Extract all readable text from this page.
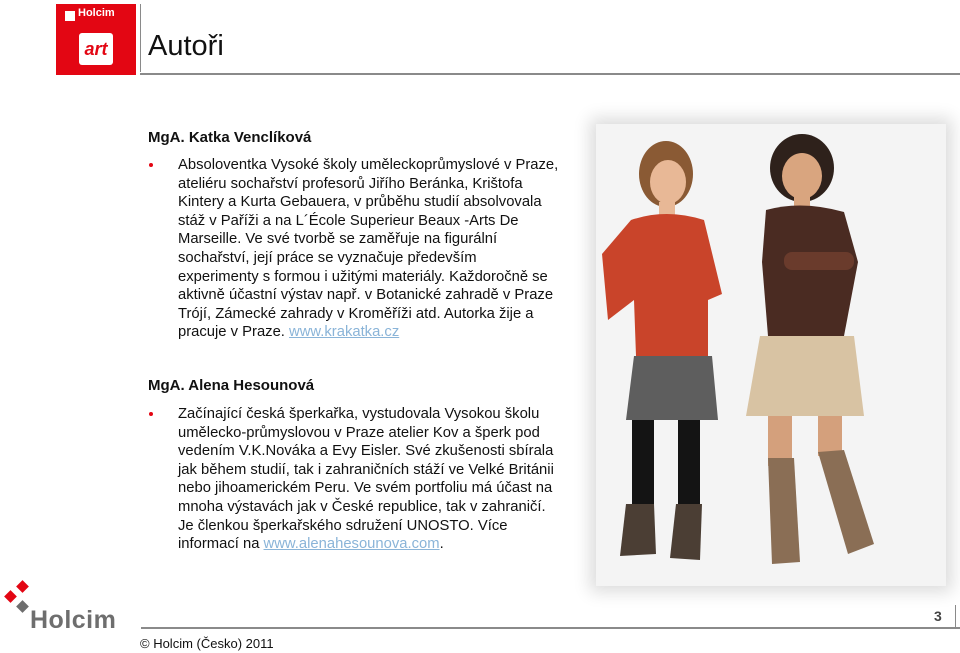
Holcim
art Autoři
MgA. Katka Venclíková
Absoloventka Vysoké školy uměleckoprůmyslové v Praze, ateliéru sochařství profesorů Jiřího Beránka, Krištofa Kintery a Kurta Gebauera, v průběhu studií absolvovala stáž v Paříži a na L´École Superieur Beaux -Arts De Marseille. Ve své tvorbě se zaměřuje na figurální sochařství, její práce se vyznačuje především experimenty s formou i užitými materiály. Každoročně se aktivně účastní výstav např. v Botanické zahradě v Praze Trójí, Zámecké zahrady v Kroměříži atd. Autorka žije a pracuje v Praze. www.krakatka.cz
MgA. Alena Hesounová
Začínající česká šperkařka, vystudovala Vysokou školu umělecko-průmyslovou v Praze atelier Kov a šperk pod vedením V.K.Nováka a Evy Eisler. Své zkušenosti sbírala jak během studií, tak i zahraničních stáží ve Velké Británii nebo jihoamerickém Peru. Ve svém portfoliu má účast na mnoha výstavách jak v České republice, tak v zahraničí. Je členkou šperkařského sdružení UNOSTO. Více informací na www.alenahesounova.com.
Holcim	3
© Holcim (Česko) 2011
